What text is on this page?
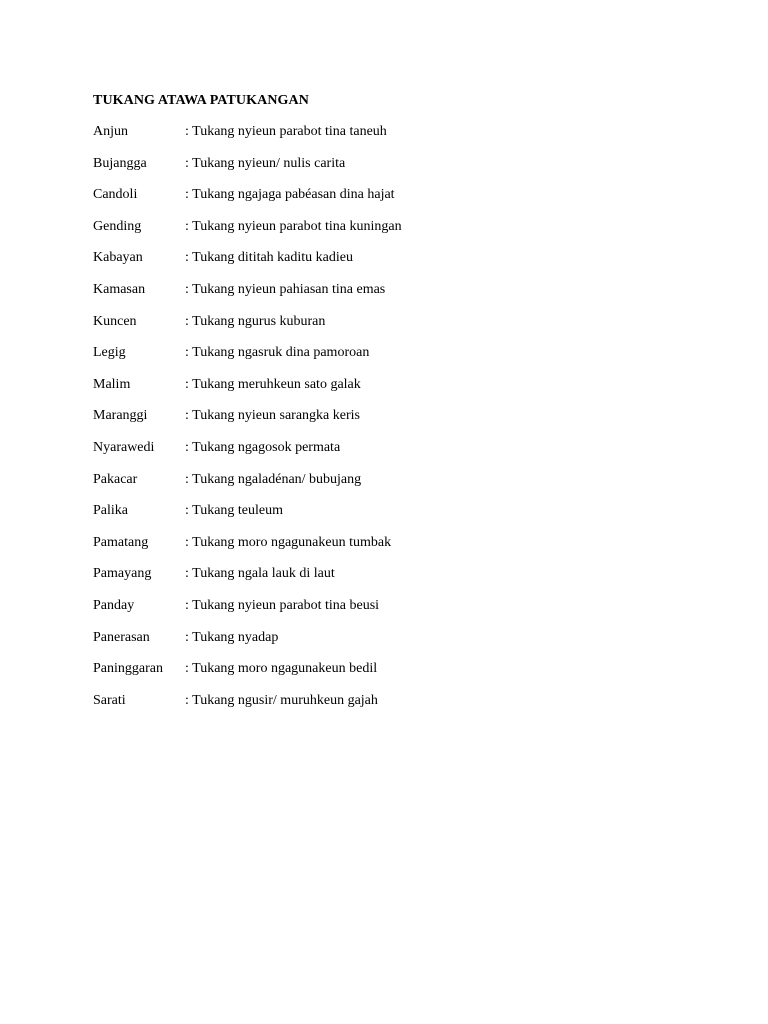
TUKANG ATAWA PATUKANGAN
Anjun	: Tukang nyieun parabot tina taneuh
Bujangga	: Tukang nyieun/ nulis carita
Candoli	: Tukang ngajaga pabéasan dina hajat
Gending	: Tukang nyieun parabot tina kuningan
Kabayan	: Tukang dititah kaditu kadieu
Kamasan	: Tukang nyieun pahiasan tina emas
Kuncen	: Tukang ngurus kuburan
Legig	: Tukang ngasruk dina pamoroan
Malim	: Tukang meruhkeun sato galak
Maranggi	: Tukang nyieun sarangka keris
Nyarawedi	: Tukang ngagosok permata
Pakacar	: Tukang ngaladénan/ bubujang
Palika	: Tukang teuleum
Pamatang	: Tukang moro ngagunakeun tumbak
Pamayang	: Tukang ngala lauk di laut
Panday	: Tukang nyieun parabot tina beusi
Panerasan	: Tukang nyadap
Paninggaran	: Tukang moro ngagunakeun bedil
Sarati	: Tukang ngusir/ muruhkeun gajah
